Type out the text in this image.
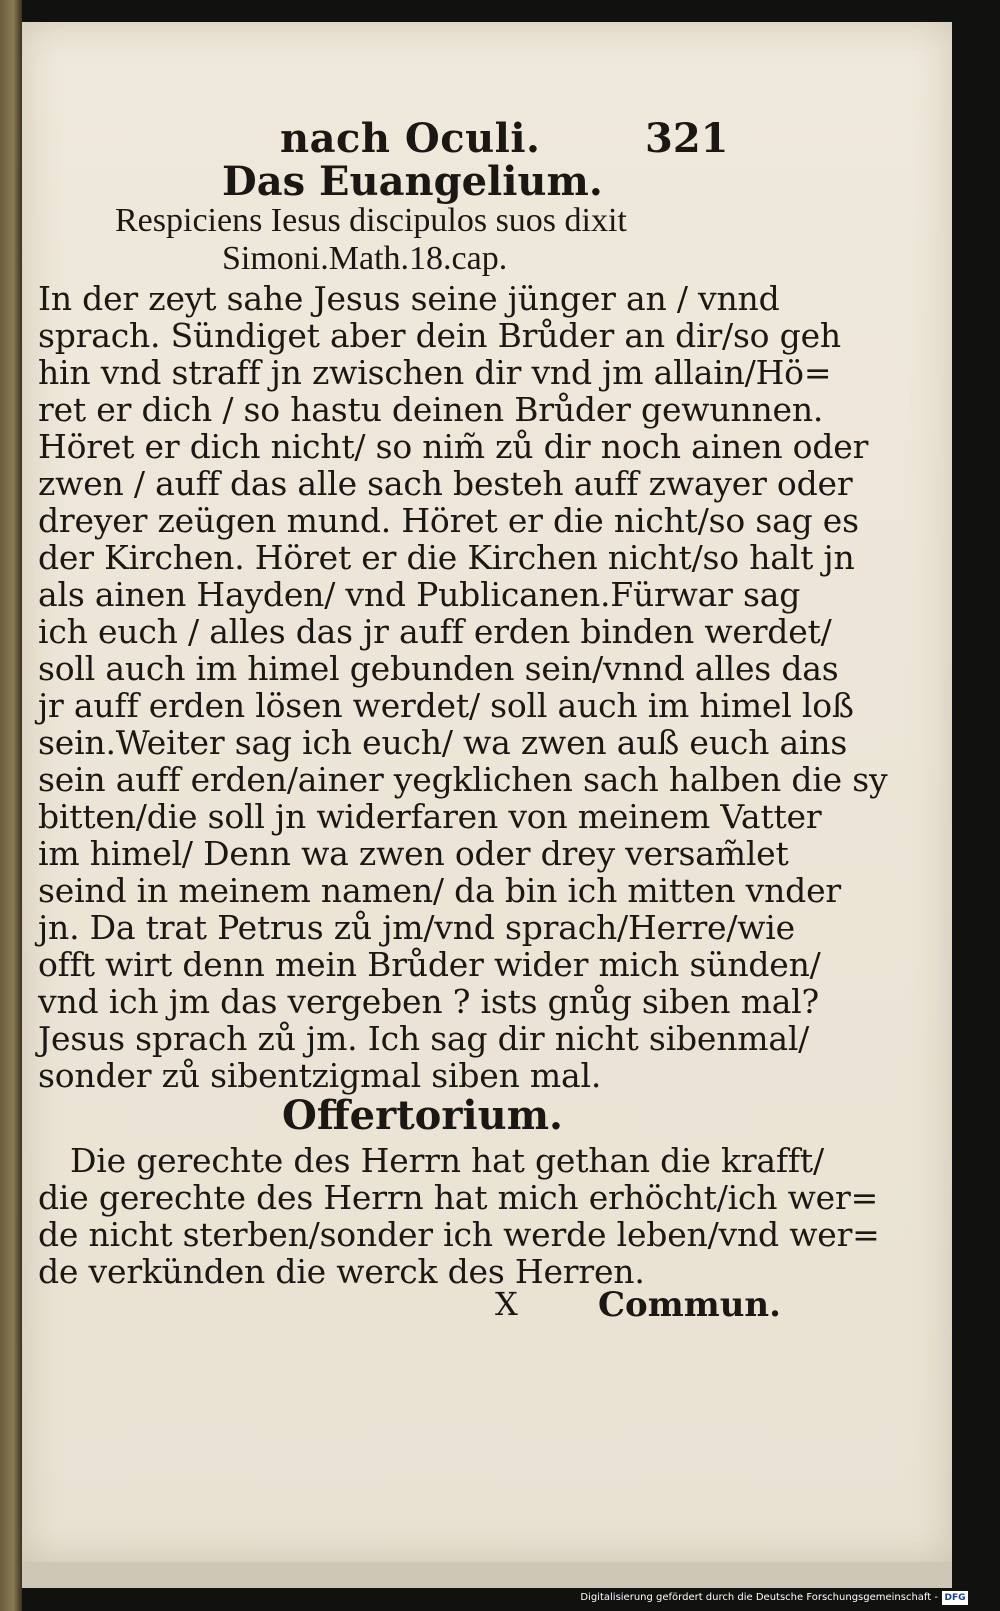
nach Oculi.	321
Das Euangelium.
Respiciens Iesus discipulos suos dixit
Simoni.Math.18.cap.
In der zeyt sahe Jesus seine jünger an / vnnd
sprach. Sündiget aber dein Brůder an dir/so geh
hin vnd straff jn zwischen dir vnd jm allain/Hö=
ret er dich / so hastu deinen Brůder gewunnen.
Höret er dich nicht/ so nim̃ zů dir noch ainen oder
zwen / auff das alle sach besteh auff zwayer oder
dreyer zeügen mund. Höret er die nicht/so sag es
der Kirchen. Höret er die Kirchen nicht/so halt jn
als ainen Hayden/ vnd Publicanen.Fürwar sag
ich euch / alles das jr auff erden binden werdet/
soll auch im himel gebunden sein/vnnd alles das
jr auff erden lösen werdet/ soll auch im himel loß
sein.Weiter sag ich euch/ wa zwen auß euch ains
sein auff erden/ainer yegklichen sach halben die sy
bitten/die soll jn widerfaren von meinem Vatter
im himel/ Denn wa zwen oder drey versam̃let
seind in meinem namen/ da bin ich mitten vnder
jn. Da trat Petrus zů jm/vnd sprach/Herre/wie
offt wirt denn mein Brůder wider mich sünden/
vnd ich jm das vergeben ? ists gnůg siben mal?
Jesus sprach zů jm. Ich sag dir nicht sibenmal/
sonder zů sibentzigmal siben mal.
Offertorium.
Die gerechte des Herrn hat gethan die krafft/
die gerechte des Herrn hat mich erhöcht/ich wer=
de nicht sterben/sonder ich werde leben/vnd wer=
de verkünden die werck des Herren.
X Commun.
Digitalisierung gefördert durch die Deutsche Forschungsgemeinschaft - DFG
